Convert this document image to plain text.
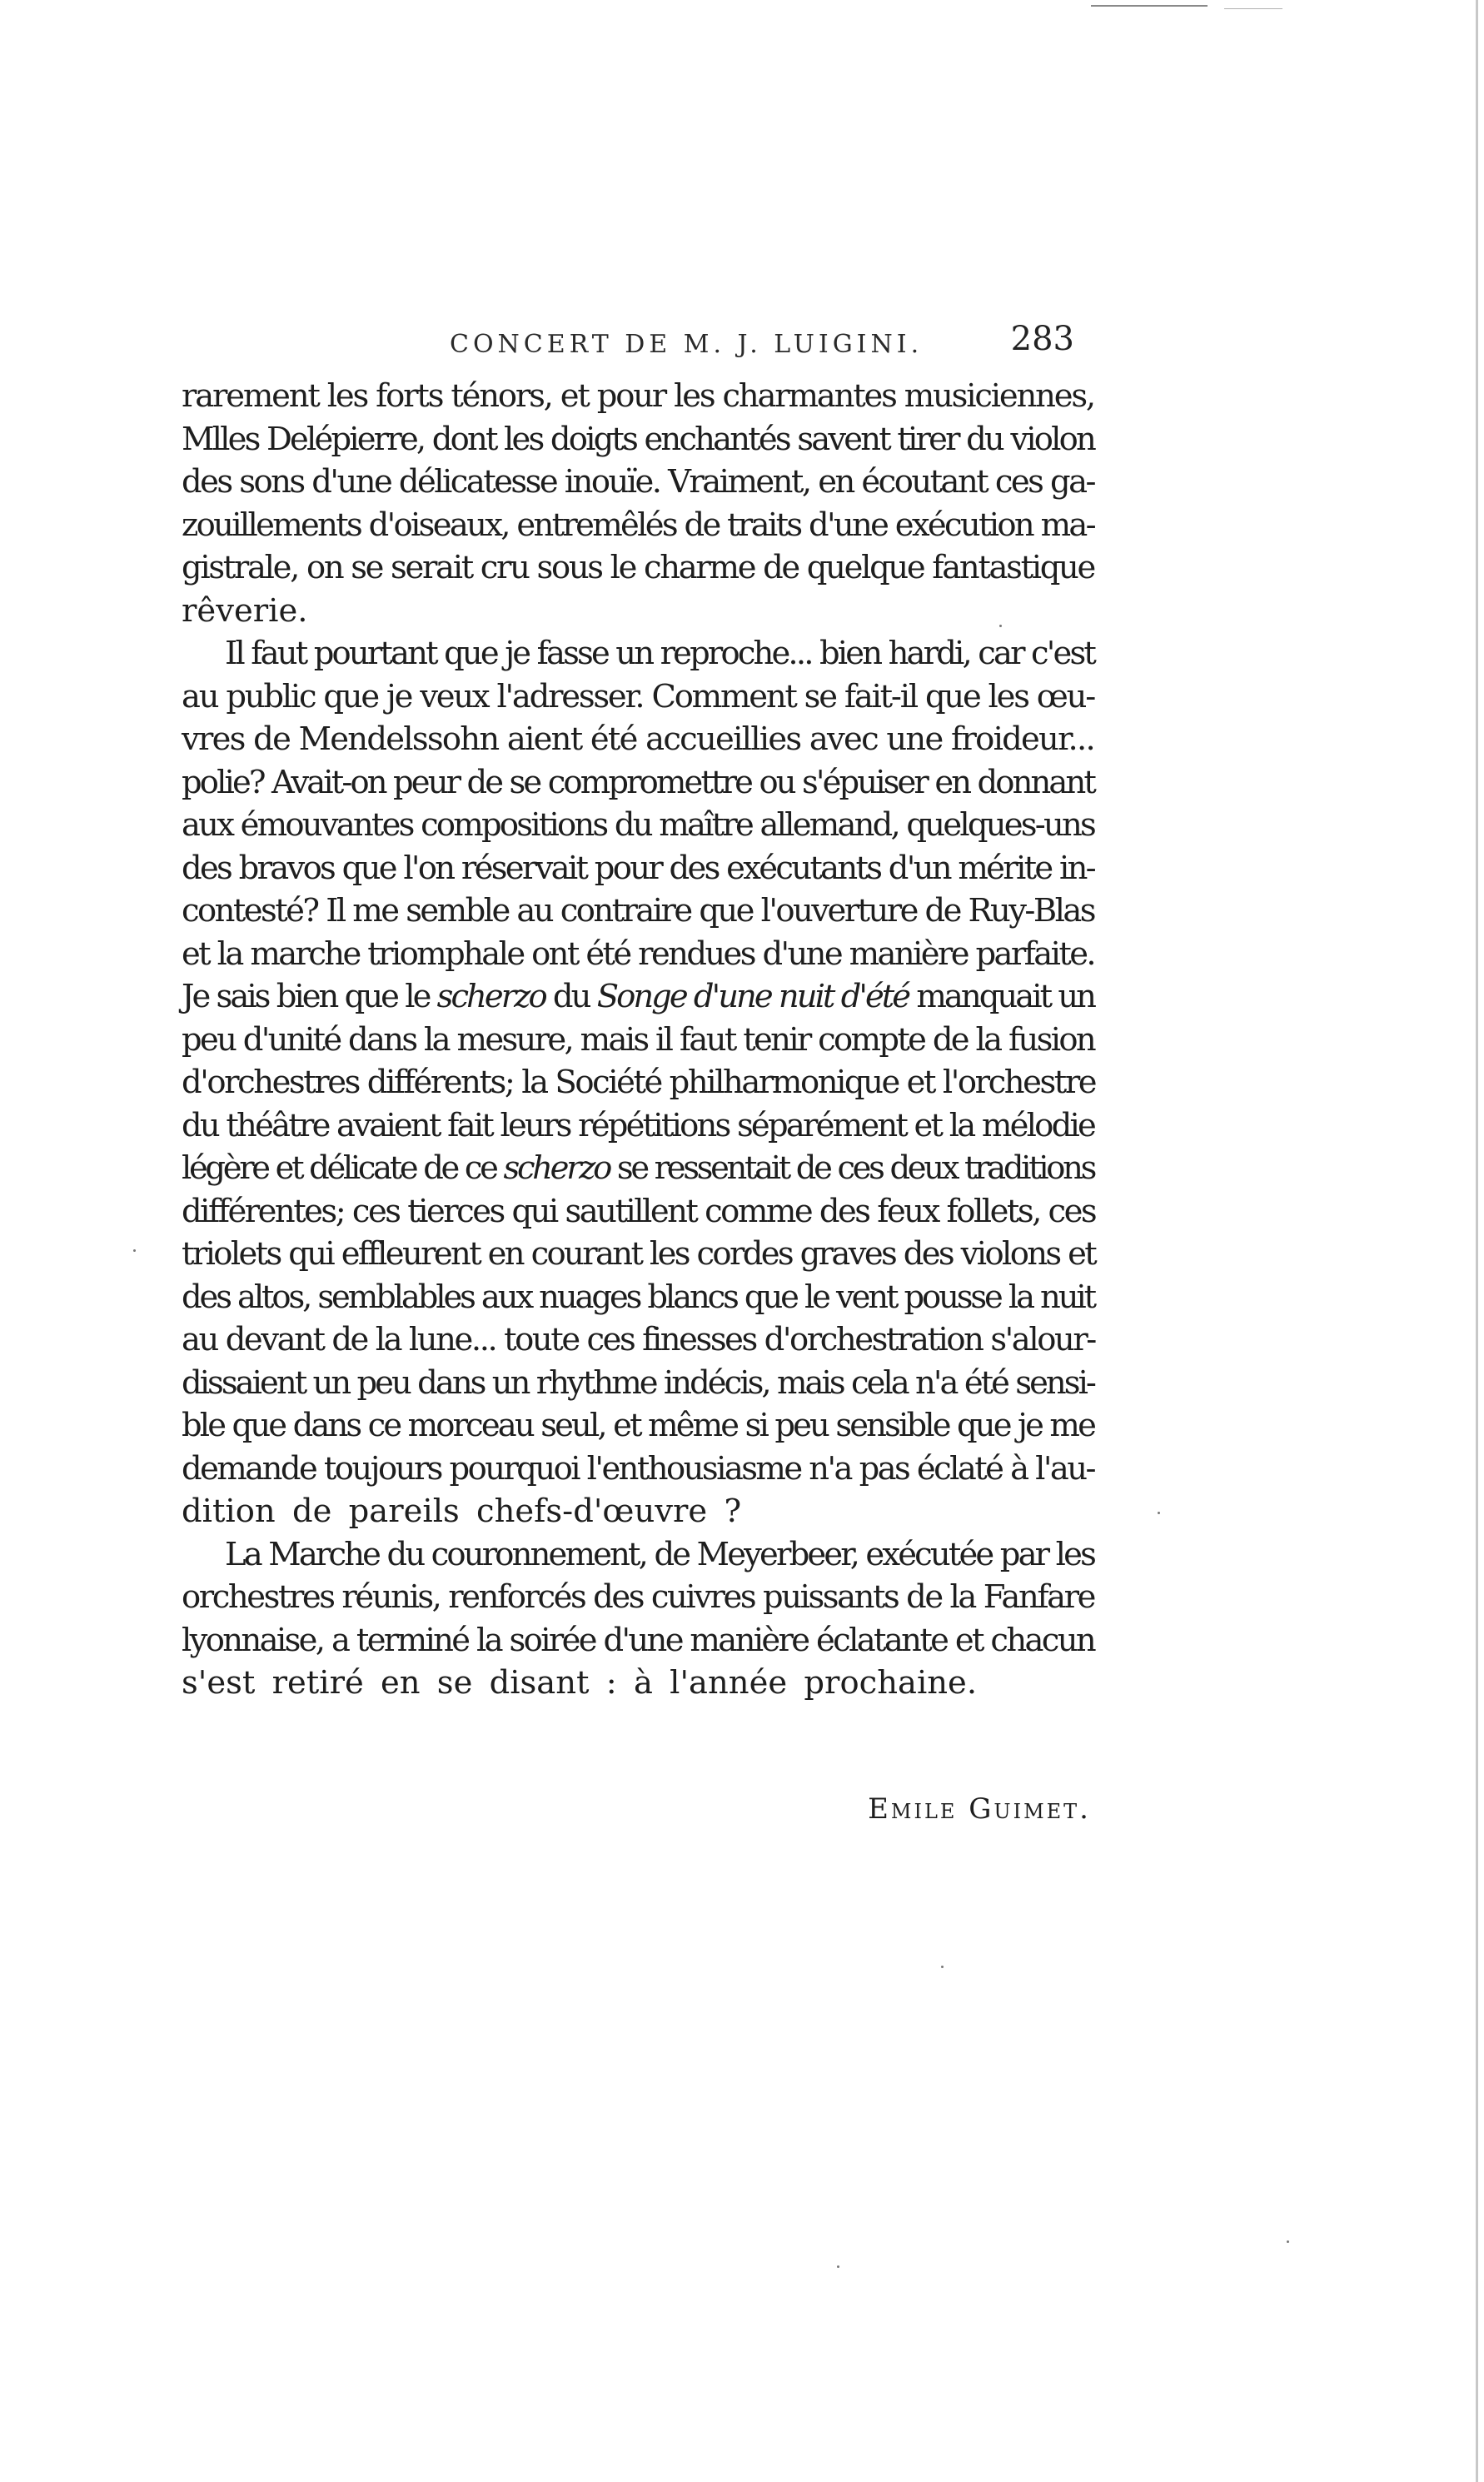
CONCERT DE M. J. LUIGINI.	283
rarement les forts ténors, et pour les charmantes musiciennes,
Mlles Delépierre, dont les doigts enchantés savent tirer du violon
des sons d'une délicatesse inouïe. Vraiment, en écoutant ces ga-
zouillements d'oiseaux, entremêlés de traits d'une exécution ma-
gistrale, on se serait cru sous le charme de quelque fantastique
rêverie.
Il faut pourtant que je fasse un reproche... bien hardi, car c'est
au public que je veux l'adresser. Comment se fait-il que les œu-
vres de Mendelssohn aient été accueillies avec une froideur...
polie? Avait-on peur de se compromettre ou s'épuiser en donnant
aux émouvantes compositions du maître allemand, quelques-uns
des bravos que l'on réservait pour des exécutants d'un mérite in-
contesté? Il me semble au contraire que l'ouverture de Ruy-Blas
et la marche triomphale ont été rendues d'une manière parfaite.
Je sais bien que le scherzo du Songe d'une nuit d'été manquait un
peu d'unité dans la mesure, mais il faut tenir compte de la fusion
d'orchestres différents; la Société philharmonique et l'orchestre
du théâtre avaient fait leurs répétitions séparément et la mélodie
légère et délicate de ce scherzo se ressentait de ces deux traditions
différentes; ces tierces qui sautillent comme des feux follets, ces
triolets qui effleurent en courant les cordes graves des violons et
des altos, semblables aux nuages blancs que le vent pousse la nuit
au devant de la lune... toute ces finesses d'orchestration s'alour-
dissaient un peu dans un rhythme indécis, mais cela n'a été sensi-
ble que dans ce morceau seul, et même si peu sensible que je me
demande toujours pourquoi l'enthousiasme n'a pas éclaté à l'au-
dition de pareils chefs-d'œuvre ?
La Marche du couronnement, de Meyerbeer, exécutée par les
orchestres réunis, renforcés des cuivres puissants de la Fanfare
lyonnaise, a terminé la soirée d'une manière éclatante et chacun
s'est retiré en se disant : à l'année prochaine.
Emile Guimet.
